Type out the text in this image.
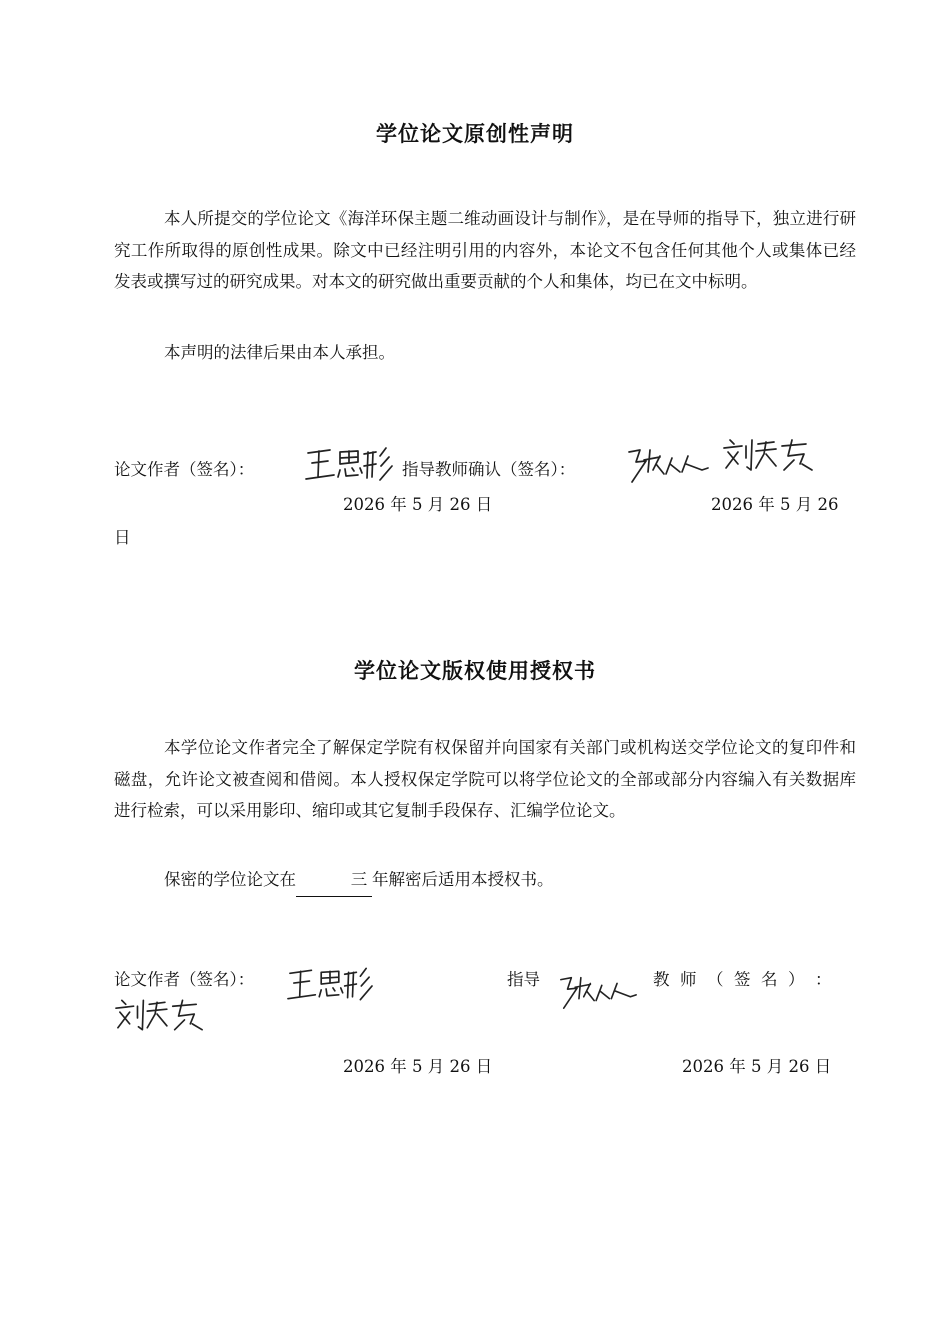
学位论文原创性声明

本人所提交的学位论文《海洋环保主题二维动画设计与制作》，是在导师的指导下，独立进行研究工作所取得的原创性成果。除文中已经注明引用的内容外，本论文不包含任何其他个人或集体已经发表或撰写过的研究成果。对本文的研究做出重要贡献的个人和集体，均已在文中标明。

本声明的法律后果由本人承担。

论文作者（签名）：	指导教师确认（签名）：
2026 年 5 月 26 日	2026 年 5 月 26
日
学位论文版权使用授权书

本学位论文作者完全了解保定学院有权保留并向国家有关部门或机构送交学位论文的复印件和磁盘，允许论文被查阅和借阅。本人授权保定学院可以将学位论文的全部或部分内容编入有关数据库进行检索，可以采用影印、缩印或其它复制手段保存、汇编学位论文。

保密的学位论文在	三 年解密后适用本授权书。

论文作者（签名）：	指导	教  师  （  签  名  ）  ：
2026 年 5 月 26 日	2026 年 5 月 26 日
